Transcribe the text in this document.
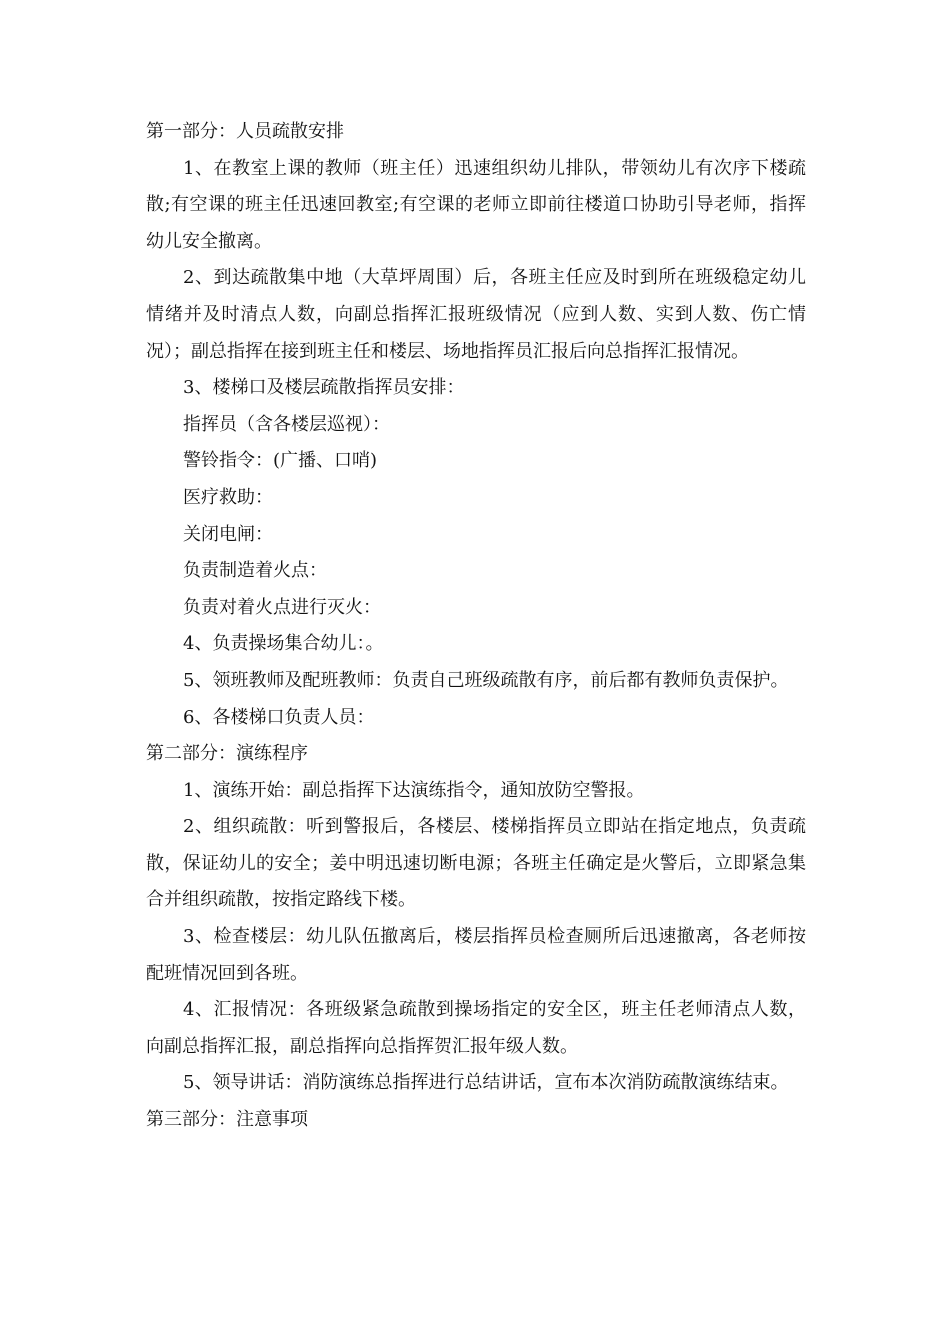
第一部分：人员疏散安排

1、在教室上课的教师（班主任）迅速组织幼儿排队，带领幼儿有次序下楼疏散;有空课的班主任迅速回教室;有空课的老师立即前往楼道口协助引导老师，指挥幼儿安全撤离。

2、到达疏散集中地（大草坪周围）后，各班主任应及时到所在班级稳定幼儿情绪并及时清点人数，向副总指挥汇报班级情况（应到人数、实到人数、伤亡情况）；副总指挥在接到班主任和楼层、场地指挥员汇报后向总指挥汇报情况。

3、楼梯口及楼层疏散指挥员安排：

指挥员（含各楼层巡视）：

警铃指令：(广播、口哨)

医疗救助：

关闭电闸：

负责制造着火点：

负责对着火点进行灭火：

4、负责操场集合幼儿：。

5、领班教师及配班教师：负责自己班级疏散有序，前后都有教师负责保护。

6、各楼梯口负责人员：

第二部分：演练程序

1、演练开始：副总指挥下达演练指令，通知放防空警报。

2、组织疏散：听到警报后，各楼层、楼梯指挥员立即站在指定地点，负责疏散，保证幼儿的安全；姜中明迅速切断电源；各班主任确定是火警后，立即紧急集合并组织疏散，按指定路线下楼。

3、检查楼层：幼儿队伍撤离后，楼层指挥员检查厕所后迅速撤离，各老师按配班情况回到各班。

4、汇报情况：各班级紧急疏散到操场指定的安全区，班主任老师清点人数，向副总指挥汇报，副总指挥向总指挥贺汇报年级人数。

5、领导讲话：消防演练总指挥进行总结讲话，宣布本次消防疏散演练结束。

第三部分：注意事项
